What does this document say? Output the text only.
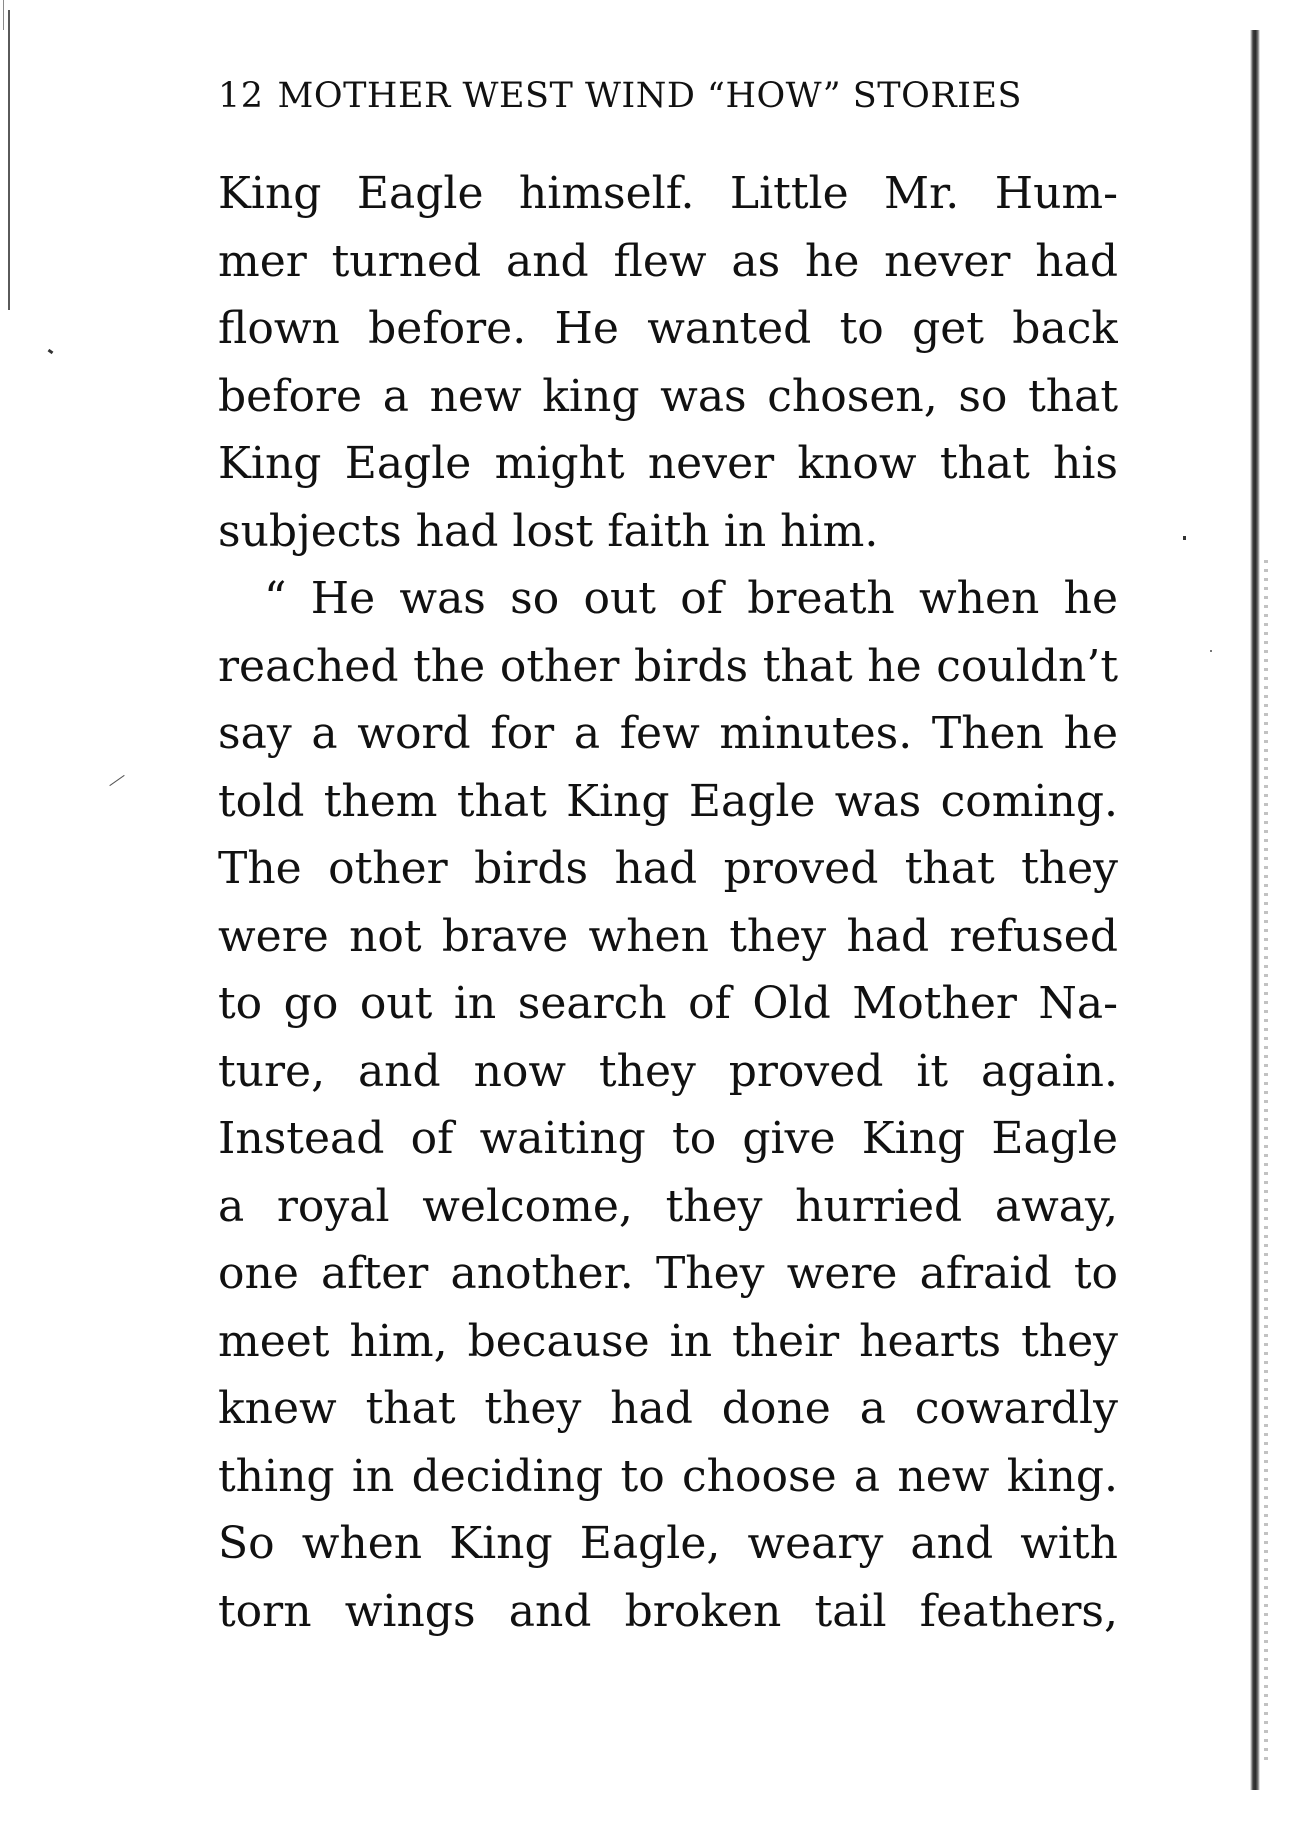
12 MOTHER WEST WIND “HOW” STORIES
King Eagle himself. Little Mr. Hum-
mer turned and flew as he never had
flown before. He wanted to get back
before a new king was chosen, so that
King Eagle might never know that his
subjects had lost faith in him.
“ He was so out of breath when he
reached the other birds that he couldn’t
say a word for a few minutes. Then he
told them that King Eagle was coming.
The other birds had proved that they
were not brave when they had refused
to go out in search of Old Mother Na-
ture, and now they proved it again.
Instead of waiting to give King Eagle
a royal welcome, they hurried away,
one after another. They were afraid to
meet him, because in their hearts they
knew that they had done a cowardly
thing in deciding to choose a new king.
So when King Eagle, weary and with
torn wings and broken tail feathers,
